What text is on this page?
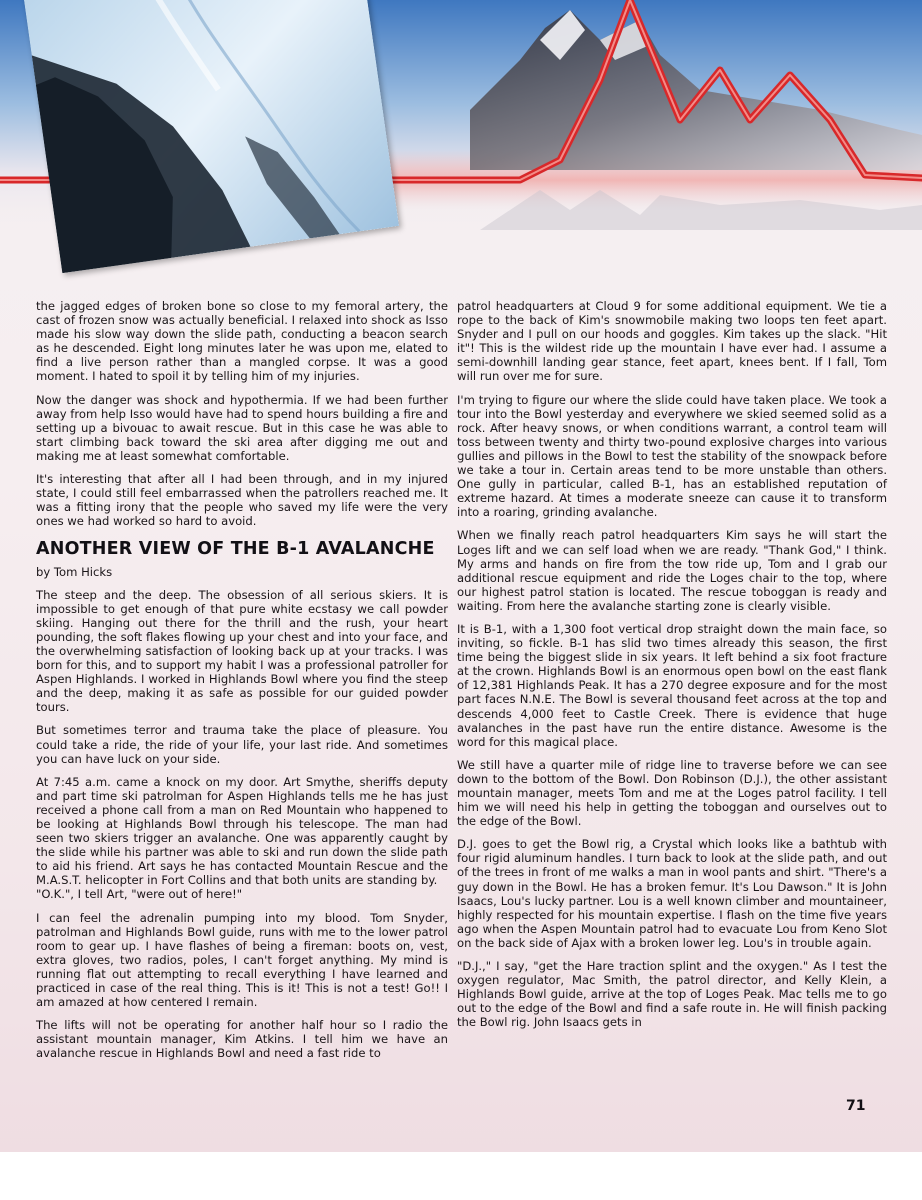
the jagged edges of broken bone so close to my femoral artery, the cast of frozen snow was actually beneficial. I relaxed into shock as Isso made his slow way down the slide path, conducting a beacon search as he descended. Eight long minutes later he was upon me, elated to find a live person rather than a mangled corpse. It was a good moment. I hated to spoil it by telling him of my injuries.

Now the danger was shock and hypothermia. If we had been further away from help Isso would have had to spend hours building a fire and setting up a bivouac to await rescue. But in this case he was able to start climbing back toward the ski area after digging me out and making me at least somewhat comfortable.

It's interesting that after all I had been through, and in my injured state, I could still feel embarrassed when the patrollers reached me. It was a fitting irony that the people who saved my life were the very ones we had worked so hard to avoid.

ANOTHER VIEW OF THE B-1 AVALANCHE

by Tom Hicks

The steep and the deep. The obsession of all serious skiers. It is impossible to get enough of that pure white ecstasy we call powder skiing. Hanging out there for the thrill and the rush, your heart pounding, the soft flakes flowing up your chest and into your face, and the overwhelming satisfaction of looking back up at your tracks. I was born for this, and to support my habit I was a professional patroller for Aspen Highlands. I worked in Highlands Bowl where you find the steep and the deep, making it as safe as possible for our guided powder tours.

But sometimes terror and trauma take the place of pleasure. You could take a ride, the ride of your life, your last ride. And sometimes you can have luck on your side.

At 7:45 a.m. came a knock on my door. Art Smythe, sheriffs deputy and part time ski patrolman for Aspen Highlands tells me he has just received a phone call from a man on Red Mountain who happened to be looking at Highlands Bowl through his telescope. The man had seen two skiers trigger an avalanche. One was apparently caught by the slide while his partner was able to ski and run down the slide path to aid his friend. Art says he has contacted Mountain Rescue and the M.A.S.T. helicopter in Fort Collins and that both units are standing by.

"O.K.", I tell Art, "were out of here!"

I can feel the adrenalin pumping into my blood. Tom Snyder, patrolman and Highlands Bowl guide, runs with me to the lower patrol room to gear up. I have flashes of being a fireman: boots on, vest, extra gloves, two radios, poles, I can't forget anything. My mind is running flat out attempting to recall everything I have learned and practiced in case of the real thing. This is it! This is not a test! Go!! I am amazed at how centered I remain.

The lifts will not be operating for another half hour so I radio the assistant mountain manager, Kim Atkins. I tell him we have an avalanche rescue in Highlands Bowl and need a fast ride to

patrol headquarters at Cloud 9 for some additional equipment. We tie a rope to the back of Kim's snowmobile making two loops ten feet apart. Snyder and I pull on our hoods and goggles. Kim takes up the slack. "Hit it"! This is the wildest ride up the mountain I have ever had. I assume a semi-downhill landing gear stance, feet apart, knees bent. If I fall, Tom will run over me for sure.

I'm trying to figure our where the slide could have taken place. We took a tour into the Bowl yesterday and everywhere we skied seemed solid as a rock. After heavy snows, or when conditions warrant, a control team will toss between twenty and thirty two-pound explosive charges into various gullies and pillows in the Bowl to test the stability of the snowpack before we take a tour in. Certain areas tend to be more unstable than others. One gully in particular, called B-1, has an established reputation of extreme hazard. At times a moderate sneeze can cause it to transform into a roaring, grinding avalanche.

When we finally reach patrol headquarters Kim says he will start the Loges lift and we can self load when we are ready. "Thank God," I think. My arms and hands on fire from the tow ride up, Tom and I grab our additional rescue equipment and ride the Loges chair to the top, where our highest patrol station is located. The rescue toboggan is ready and waiting. From here the avalanche starting zone is clearly visible.

It is B-1, with a 1,300 foot vertical drop straight down the main face, so inviting, so fickle. B-1 has slid two times already this season, the first time being the biggest slide in six years. It left behind a six foot fracture at the crown. Highlands Bowl is an enormous open bowl on the east flank of 12,381 Highlands Peak. It has a 270 degree exposure and for the most part faces N.N.E. The Bowl is several thousand feet across at the top and descends 4,000 feet to Castle Creek. There is evidence that huge avalanches in the past have run the entire distance. Awesome is the word for this magical place.

We still have a quarter mile of ridge line to traverse before we can see down to the bottom of the Bowl. Don Robinson (D.J.), the other assistant mountain manager, meets Tom and me at the Loges patrol facility. I tell him we will need his help in getting the toboggan and ourselves out to the edge of the Bowl.

D.J. goes to get the Bowl rig, a Crystal which looks like a bathtub with four rigid aluminum handles. I turn back to look at the slide path, and out of the trees in front of me walks a man in wool pants and shirt. "There's a guy down in the Bowl. He has a broken femur. It's Lou Dawson." It is John Isaacs, Lou's lucky partner. Lou is a well known climber and mountaineer, highly respected for his mountain expertise. I flash on the time five years ago when the Aspen Mountain patrol had to evacuate Lou from Keno Slot on the back side of Ajax with a broken lower leg. Lou's in trouble again.

"D.J.," I say, "get the Hare traction splint and the oxygen." As I test the oxygen regulator, Mac Smith, the patrol director, and Kelly Klein, a Highlands Bowl guide, arrive at the top of Loges Peak. Mac tells me to go out to the edge of the Bowl and find a safe route in. He will finish packing the Bowl rig. John Isaacs gets in

71
